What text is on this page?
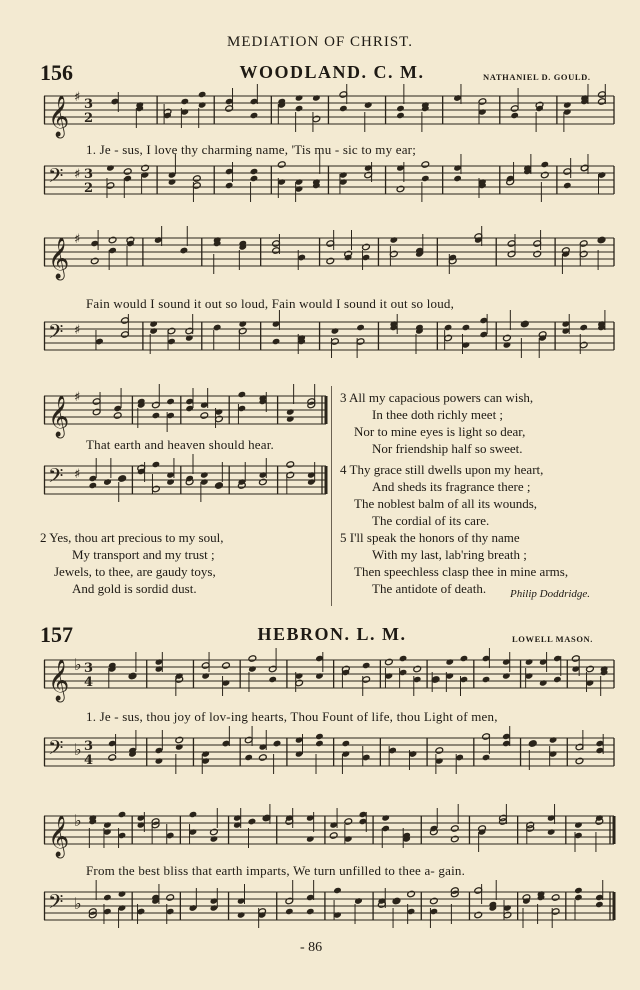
MEDIATION OF CHRIST.
156	WOODLAND. C. M.	NATHANIEL D. GOULD.
𝄞 ♯ 3
2
1. Je - sus, I love thy charming name, 'Tis mu - sic to my ear;
𝄢 ♯ 3
2
𝄞 ♯
Fain would I sound it out so loud, Fain would I sound it out so loud,
𝄢 ♯
𝄞 ♯
That earth and heaven should hear.
𝄢 ♯

2 Yes, thou art precious to my soul,

My transport and my trust ;

Jewels, to thee, are gaudy toys,

And gold is sordid dust.

3 All my capacious powers can wish,

In thee doth richly meet ;

Nor to mine eyes is light so dear,

Nor friendship half so sweet.

4 Thy grace still dwells upon my heart,

And sheds its fragrance there ;

The noblest balm of all its wounds,

The cordial of its care.

5 I'll speak the honors of thy name

With my last, lab'ring breath ;

Then speechless clasp thee in mine arms,

The antidote of death.	Philip Doddridge.
157	HEBRON. L. M.	LOWELL MASON.
𝄞 ♭ 3
4
1. Je - sus, thou joy of lov-ing hearts, Thou Fount of life, thou Light of men,
𝄢 ♭ 3
4
𝄞 ♭
From the best bliss that earth imparts, We turn unfilled to thee a- gain.
𝄢 ♭
- 86
